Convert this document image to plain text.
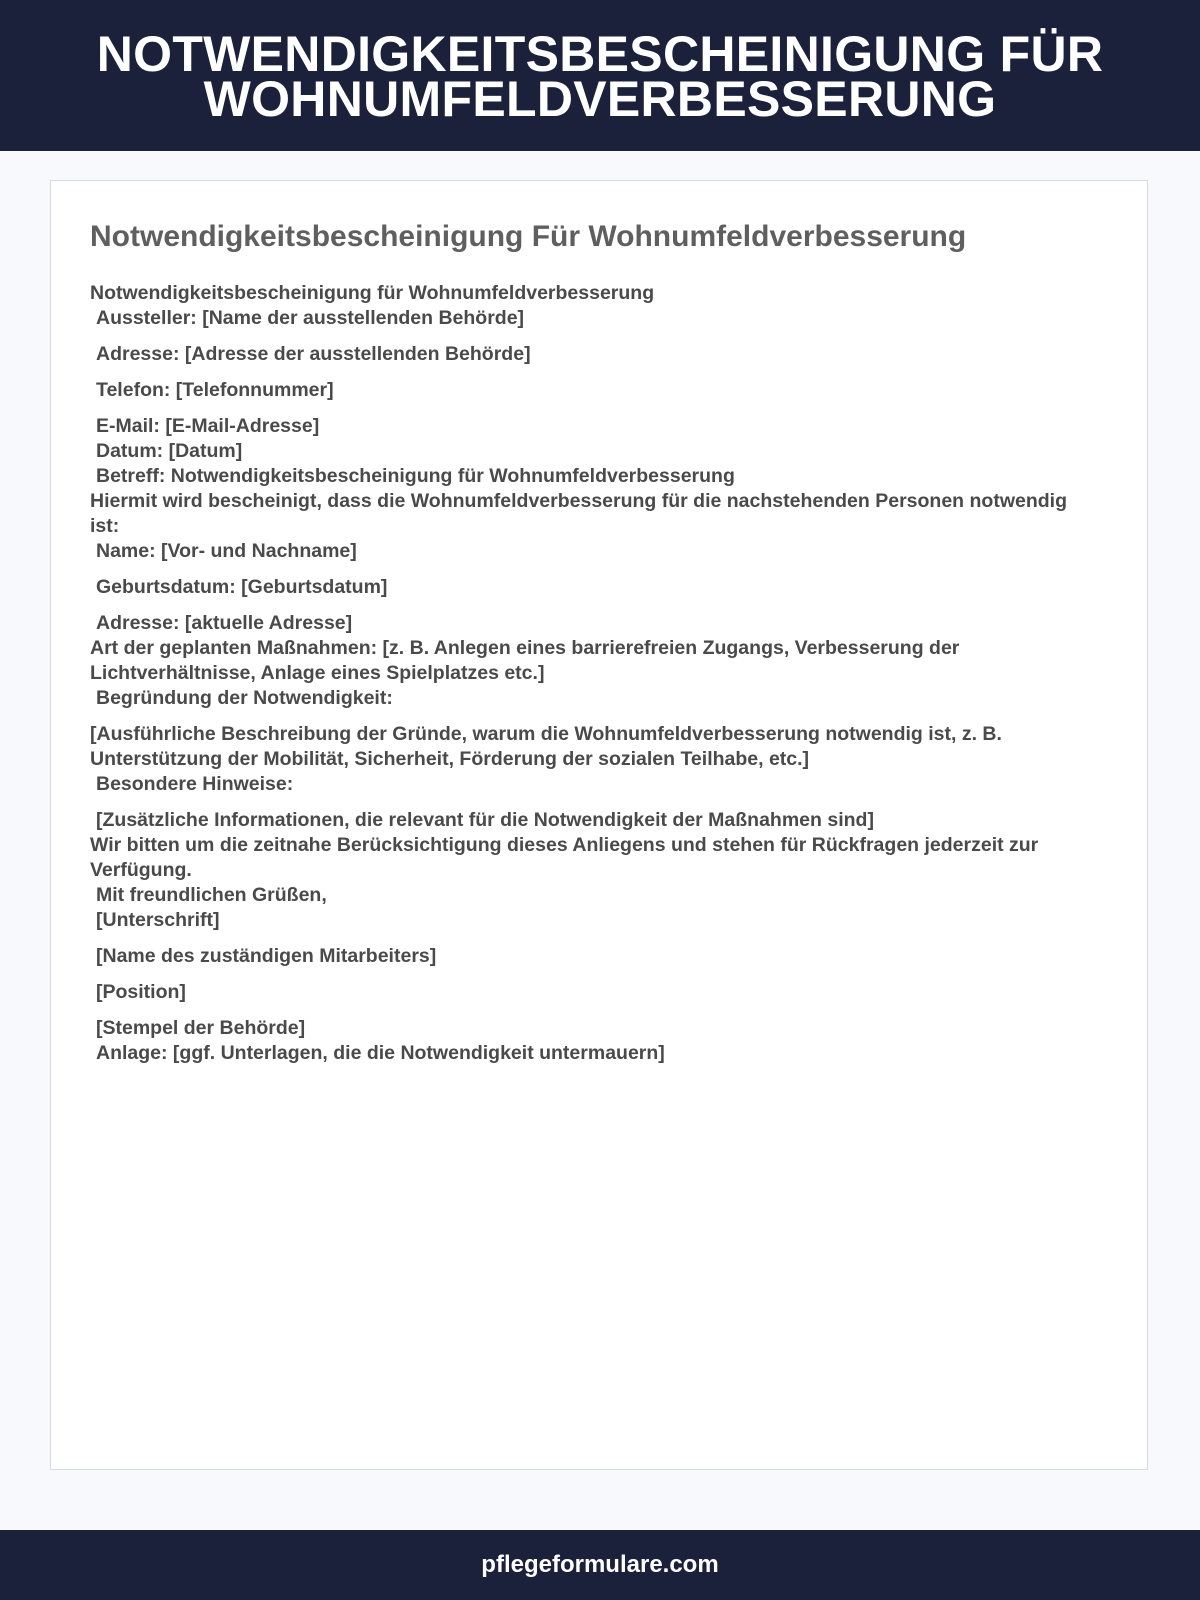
NOTWENDIGKEITSBESCHEINIGUNG FÜR WOHNUMFELDVERBESSERUNG
Notwendigkeitsbescheinigung Für Wohnumfeldverbesserung
Notwendigkeitsbescheinigung für Wohnumfeldverbesserung
Aussteller: [Name der ausstellenden Behörde]
Adresse: [Adresse der ausstellenden Behörde]
Telefon: [Telefonnummer]
E-Mail: [E-Mail-Adresse]
Datum: [Datum]
Betreff: Notwendigkeitsbescheinigung für Wohnumfeldverbesserung
Hiermit wird bescheinigt, dass die Wohnumfeldverbesserung für die nachstehenden Personen notwendig ist:
Name: [Vor- und Nachname]
Geburtsdatum: [Geburtsdatum]
Adresse: [aktuelle Adresse]
Art der geplanten Maßnahmen: [z. B. Anlegen eines barrierefreien Zugangs, Verbesserung der Lichtverhältnisse, Anlage eines Spielplatzes etc.]
Begründung der Notwendigkeit:
[Ausführliche Beschreibung der Gründe, warum die Wohnumfeldverbesserung notwendig ist, z. B. Unterstützung der Mobilität, Sicherheit, Förderung der sozialen Teilhabe, etc.]
Besondere Hinweise:
[Zusätzliche Informationen, die relevant für die Notwendigkeit der Maßnahmen sind]
Wir bitten um die zeitnahe Berücksichtigung dieses Anliegens und stehen für Rückfragen jederzeit zur Verfügung.
Mit freundlichen Grüßen,
[Unterschrift]
[Name des zuständigen Mitarbeiters]
[Position]
[Stempel der Behörde]
Anlage: [ggf. Unterlagen, die die Notwendigkeit untermauern]
pflegeformulare.com
